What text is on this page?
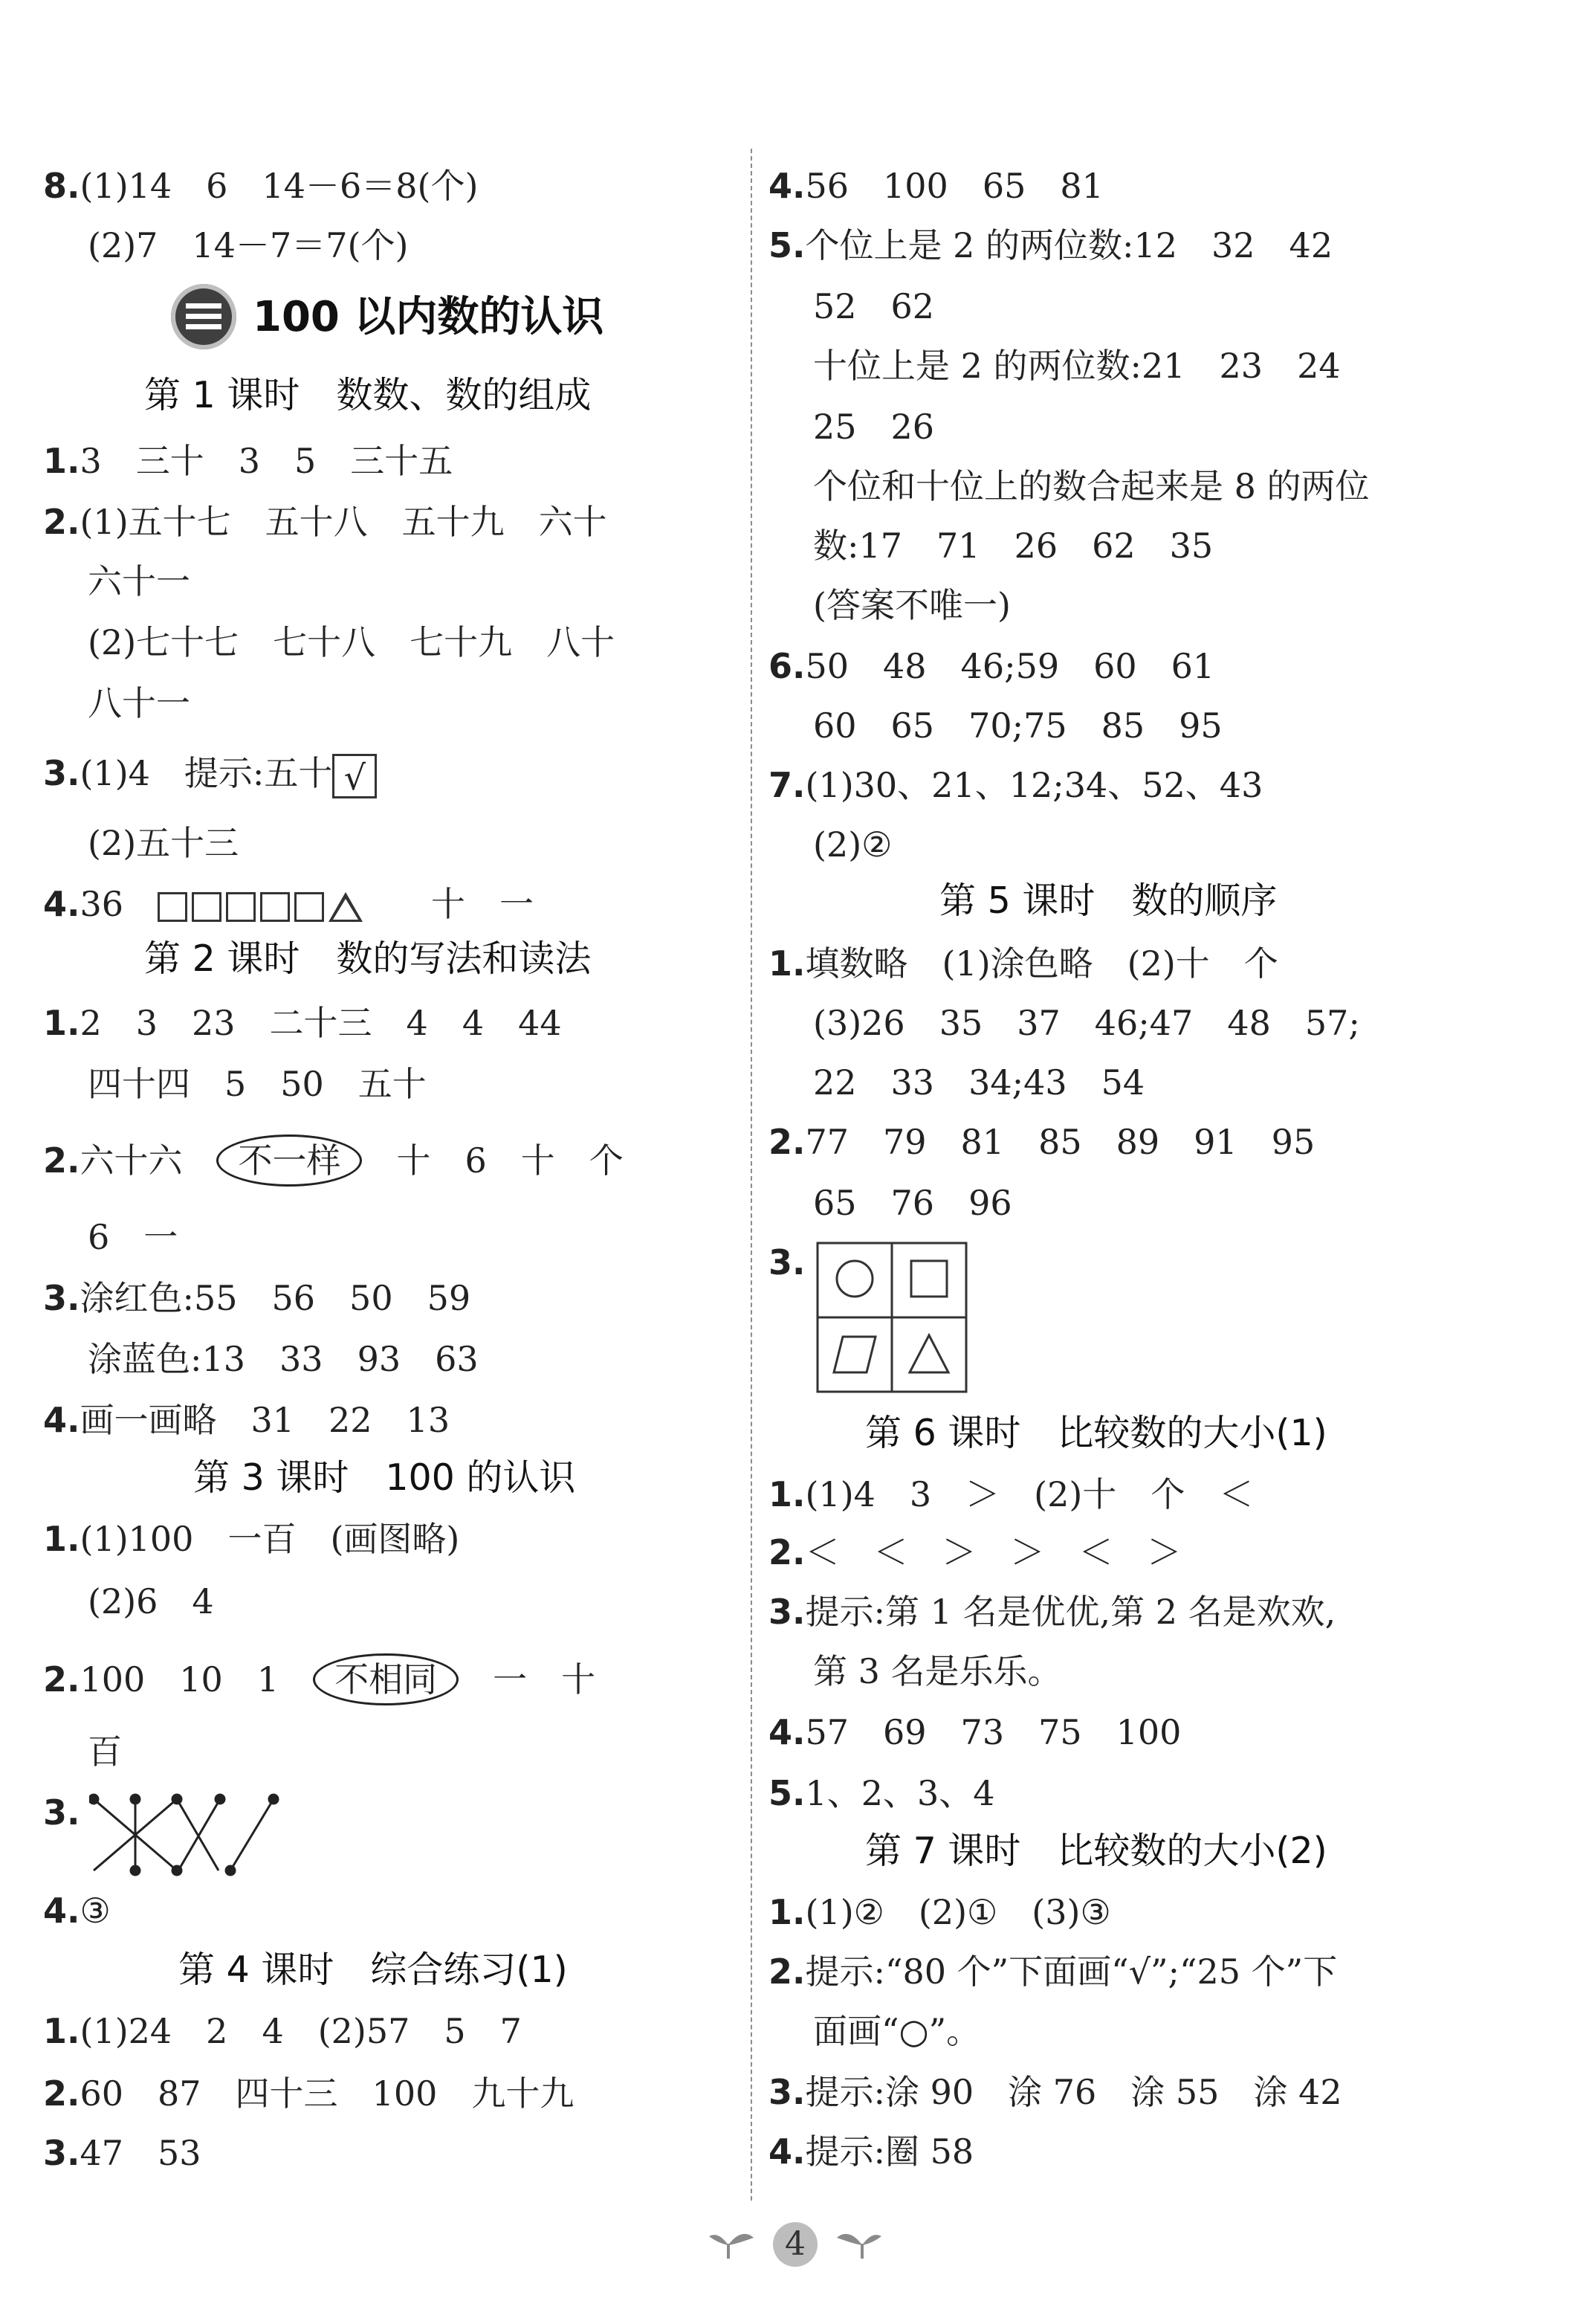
8.(1)14　6　14－6＝8(个)
(2)7　14－7＝7(个)
100 以内数的认识
第 1 课时　数数、数的组成
1.3　三十　3　5　三十五
2.(1)五十七　五十八　五十九　六十
六十一
(2)七十七　七十八　七十九　八十
八十一
3.(1)4　提示:五十 √
(2)五十三
4.36　　　	十　一
第 2 课时　数的写法和读法
1.2　3　23　二十三　4　4　44
四十四　5　50　五十
2.六十六　 不一样　 十　6　十　个
6　一
3.涂红色:55　56　50　59
涂蓝色:13　33　93　63
4.画一画略　31　22　13
第 3 课时　100 的认识
1.(1)100　一百　(画图略)
(2)6　4
2.100　10　1　 不相同　 一　十
百
3.
4.③
第 4 课时　综合练习(1)
1.(1)24　2　4　(2)57　5　7
2.60　87　四十三　100　九十九
3.47　53
4.56　100　65　81
5.个位上是 2 的两位数:12　32　42
52　62
十位上是 2 的两位数:21　23　24
25　26
个位和十位上的数合起来是 8 的两位
数:17　71　26　62　35
(答案不唯一)
6.50　48　46;59　60　61
60　65　70;75　85　95
7.(1)30、21、12;34、52、43
(2)②
第 5 课时　数的顺序
1.填数略　(1)涂色略　(2)十　个
(3)26　35　37　46;47　48　57;
22　33　34;43　54
2.77　79　81　85　89　91　95
65　76　96
3.
第 6 课时　比较数的大小(1)
1.(1)4　3　＞　(2)十　个　＜
2.＜　＜　＞　＞　＜　＞
3.提示:第 1 名是优优,第 2 名是欢欢,
第 3 名是乐乐。
4.57　69　73　75　100
5.1、2、3、4
第 7 课时　比较数的大小(2)
1.(1)②　(2)①　(3)③
2.提示:“80 个”下面画“√”;“25 个”下
面画“○”。
3.提示:涂 90　涂 76　涂 55　涂 42
4.提示:圈 58
4
